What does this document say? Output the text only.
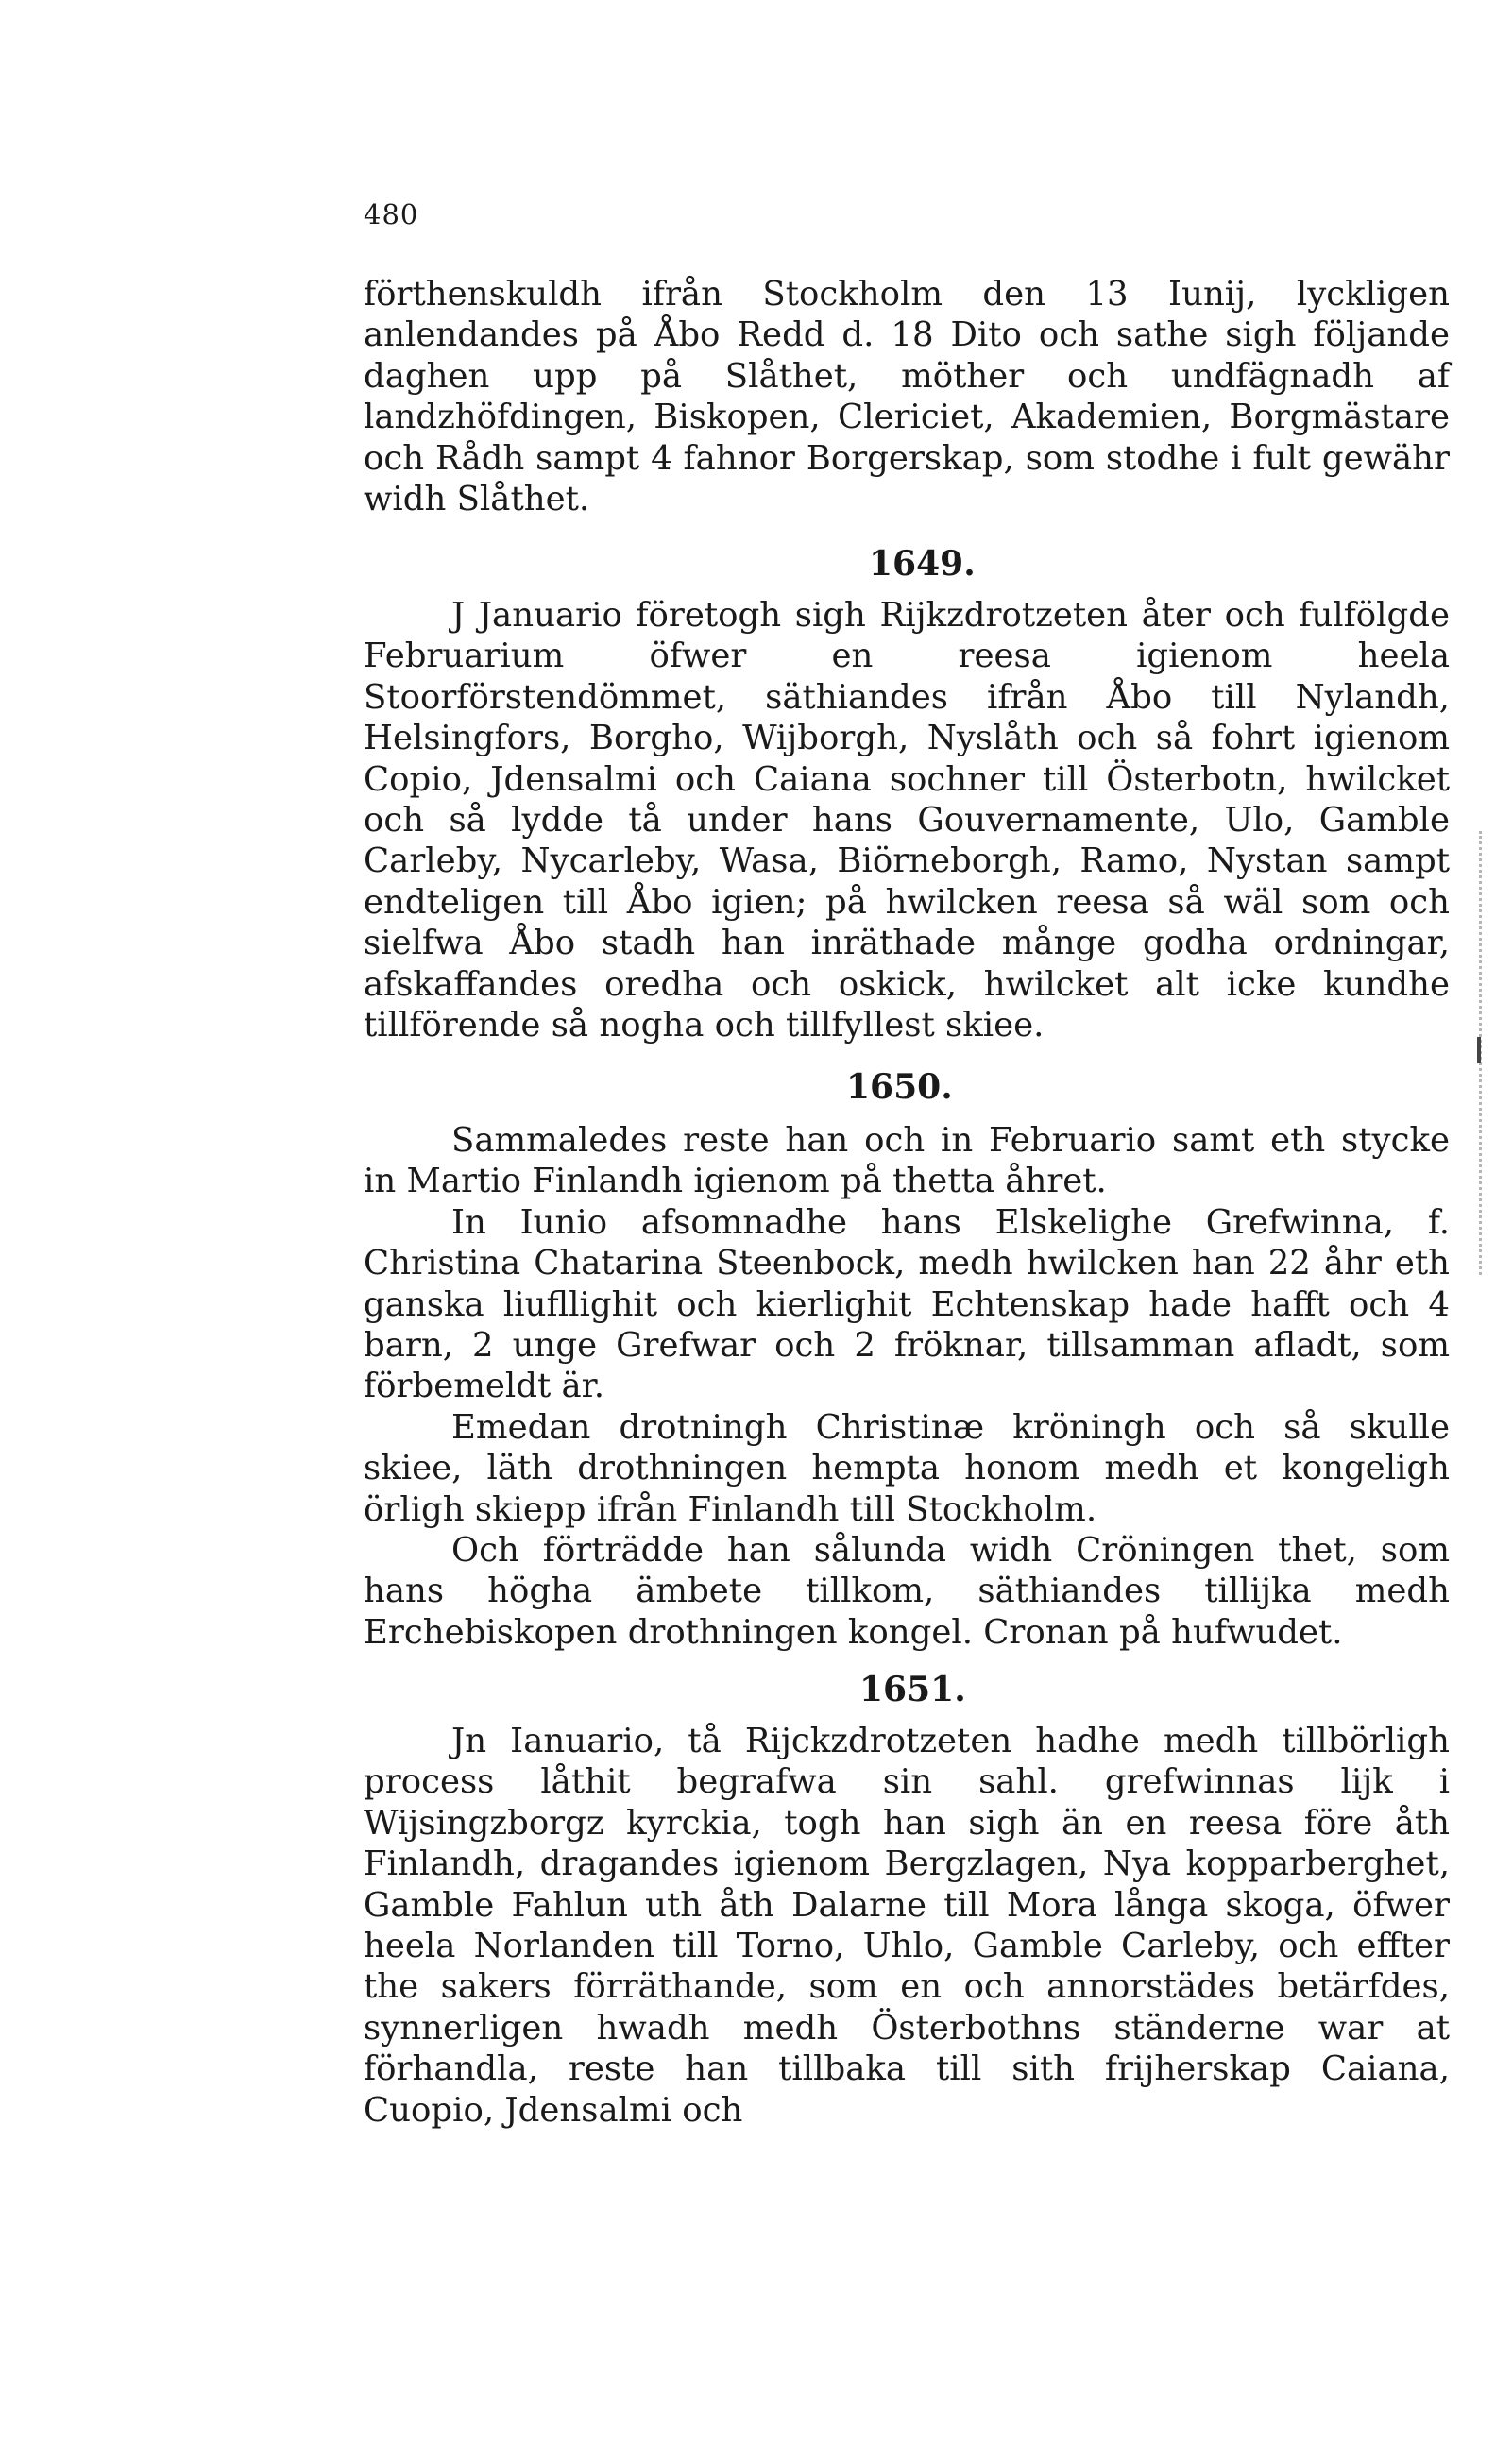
480

förthenskuldh ifrån Stockholm den 13 Iunij, lyckligen anlendandes på Åbo Redd d. 18 Dito och sathe sigh följande daghen upp på Slåthet, möther och undfägnadh af landzhöfdingen, Biskopen, Clericiet, Akademien, Borgmästare och Rådh sampt 4 fahnor Borgerskap, som stodhe i fult gewähr widh Slåthet.

1649.

J Januario företogh sigh Rijkzdrotzeten åter och fulfölgde Februarium öfwer en reesa igienom heela Stoorförstendömmet, säthiandes ifrån Åbo till Nylandh, Helsingfors, Borgho, Wijborgh, Nyslåth och så fohrt igienom Copio, Jdensalmi och Caiana sochner till Österbotn, hwilcket och så lydde tå under hans Gouvernamente, Ulo, Gamble Carleby, Nycarleby, Wasa, Biörneborgh, Ramo, Nystan sampt endteligen till Åbo igien; på hwilcken reesa så wäl som och sielfwa Åbo stadh han inräthade månge godha ordningar, afskaffandes oredha och oskick, hwilcket alt icke kundhe tillförende så nogha och tillfyllest skiee.

1650.

Sammaledes reste han och in Februario samt eth stycke in Martio Finlandh igienom på thetta åhret.

In Iunio afsomnadhe hans Elskelighe Grefwinna, f. Christina Chatarina Steenbock, medh hwilcken han 22 åhr eth ganska liufllighit och kierlighit Echtenskap hade hafft och 4 barn, 2 unge Grefwar och 2 fröknar, tillsamman afladt, som förbemeldt är.

Emedan drotningh Christinæ kröningh och så skulle skiee, läth drothningen hempta honom medh et kongeligh örligh skiepp ifrån Finlandh till Stockholm.

Och förträdde han sålunda widh Cröningen thet, som hans högha ämbete tillkom, säthiandes tillijka medh Erchebiskopen drothningen kongel. Cronan på hufwudet.

1651.

Jn Ianuario, tå Rijckzdrotzeten hadhe medh tillbörligh process låthit begrafwa sin sahl. grefwinnas lijk i Wijsingzborgz kyrckia, togh han sigh än en reesa före åth Finlandh, dragandes igienom Bergzlagen, Nya kopparberghet, Gamble Fahlun uth åth Dalarne till Mora långa skoga, öfwer heela Norlanden till Torno, Uhlo, Gamble Carleby, och effter the sakers förräthande, som en och annorstädes betärfdes, synnerligen hwadh medh Österbothns ständerne war at förhandla, reste han tillbaka till sith frijherskap Caiana, Cuopio, Jdensalmi och
